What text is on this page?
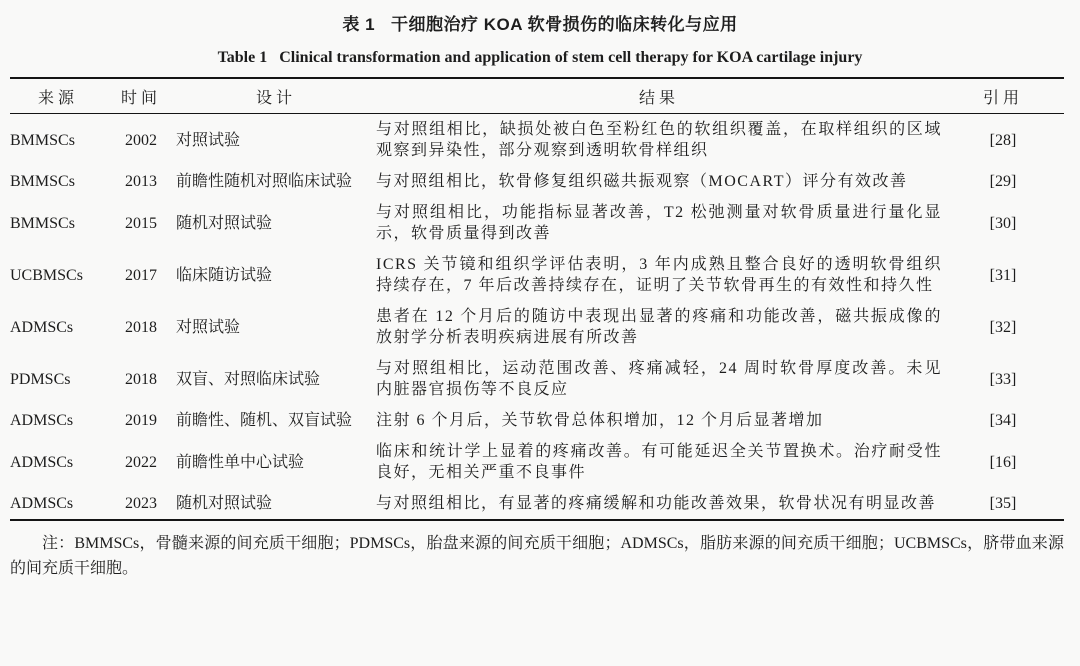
表 1 干细胞治疗 KOA 软骨损伤的临床转化与应用
Table 1 Clinical transformation and application of stem cell therapy for KOA cartilage injury
来源	时间	设计	结果	引用
BMMSCs	2002	对照试验	与对照组相比，缺损处被白色至粉红色的软组织覆盖，在取样组织的区域观察到异染性，部分观察到透明软骨样组织	[28]
BMMSCs	2013	前瞻性随机对照临床试验	与对照组相比，软骨修复组织磁共振观察（MOCART）评分有效改善	[29]
BMMSCs	2015	随机对照试验	与对照组相比，功能指标显著改善，T2 松弛测量对软骨质量进行量化显示，软骨质量得到改善	[30]
UCBMSCs	2017	临床随访试验	ICRS 关节镜和组织学评估表明，3 年内成熟且整合良好的透明软骨组织持续存在，7 年后改善持续存在，证明了关节软骨再生的有效性和持久性	[31]
ADMSCs	2018	对照试验	患者在 12 个月后的随访中表现出显著的疼痛和功能改善，磁共振成像的放射学分析表明疾病进展有所改善	[32]
PDMSCs	2018	双盲、对照临床试验	与对照组相比，运动范围改善、疼痛减轻，24 周时软骨厚度改善。未见内脏器官损伤等不良反应	[33]
ADMSCs	2019	前瞻性、随机、双盲试验	注射 6 个月后，关节软骨总体积增加，12 个月后显著增加	[34]
ADMSCs	2022	前瞻性单中心试验	临床和统计学上显着的疼痛改善。有可能延迟全关节置换术。治疗耐受性良好，无相关严重不良事件	[16]
ADMSCs	2023	随机对照试验	与对照组相比，有显著的疼痛缓解和功能改善效果，软骨状况有明显改善	[35]
注：BMMSCs，骨髓来源的间充质干细胞；PDMSCs，胎盘来源的间充质干细胞；ADMSCs，脂肪来源的间充质干细胞；UCBMSCs，脐带血来源的间充质干细胞。
